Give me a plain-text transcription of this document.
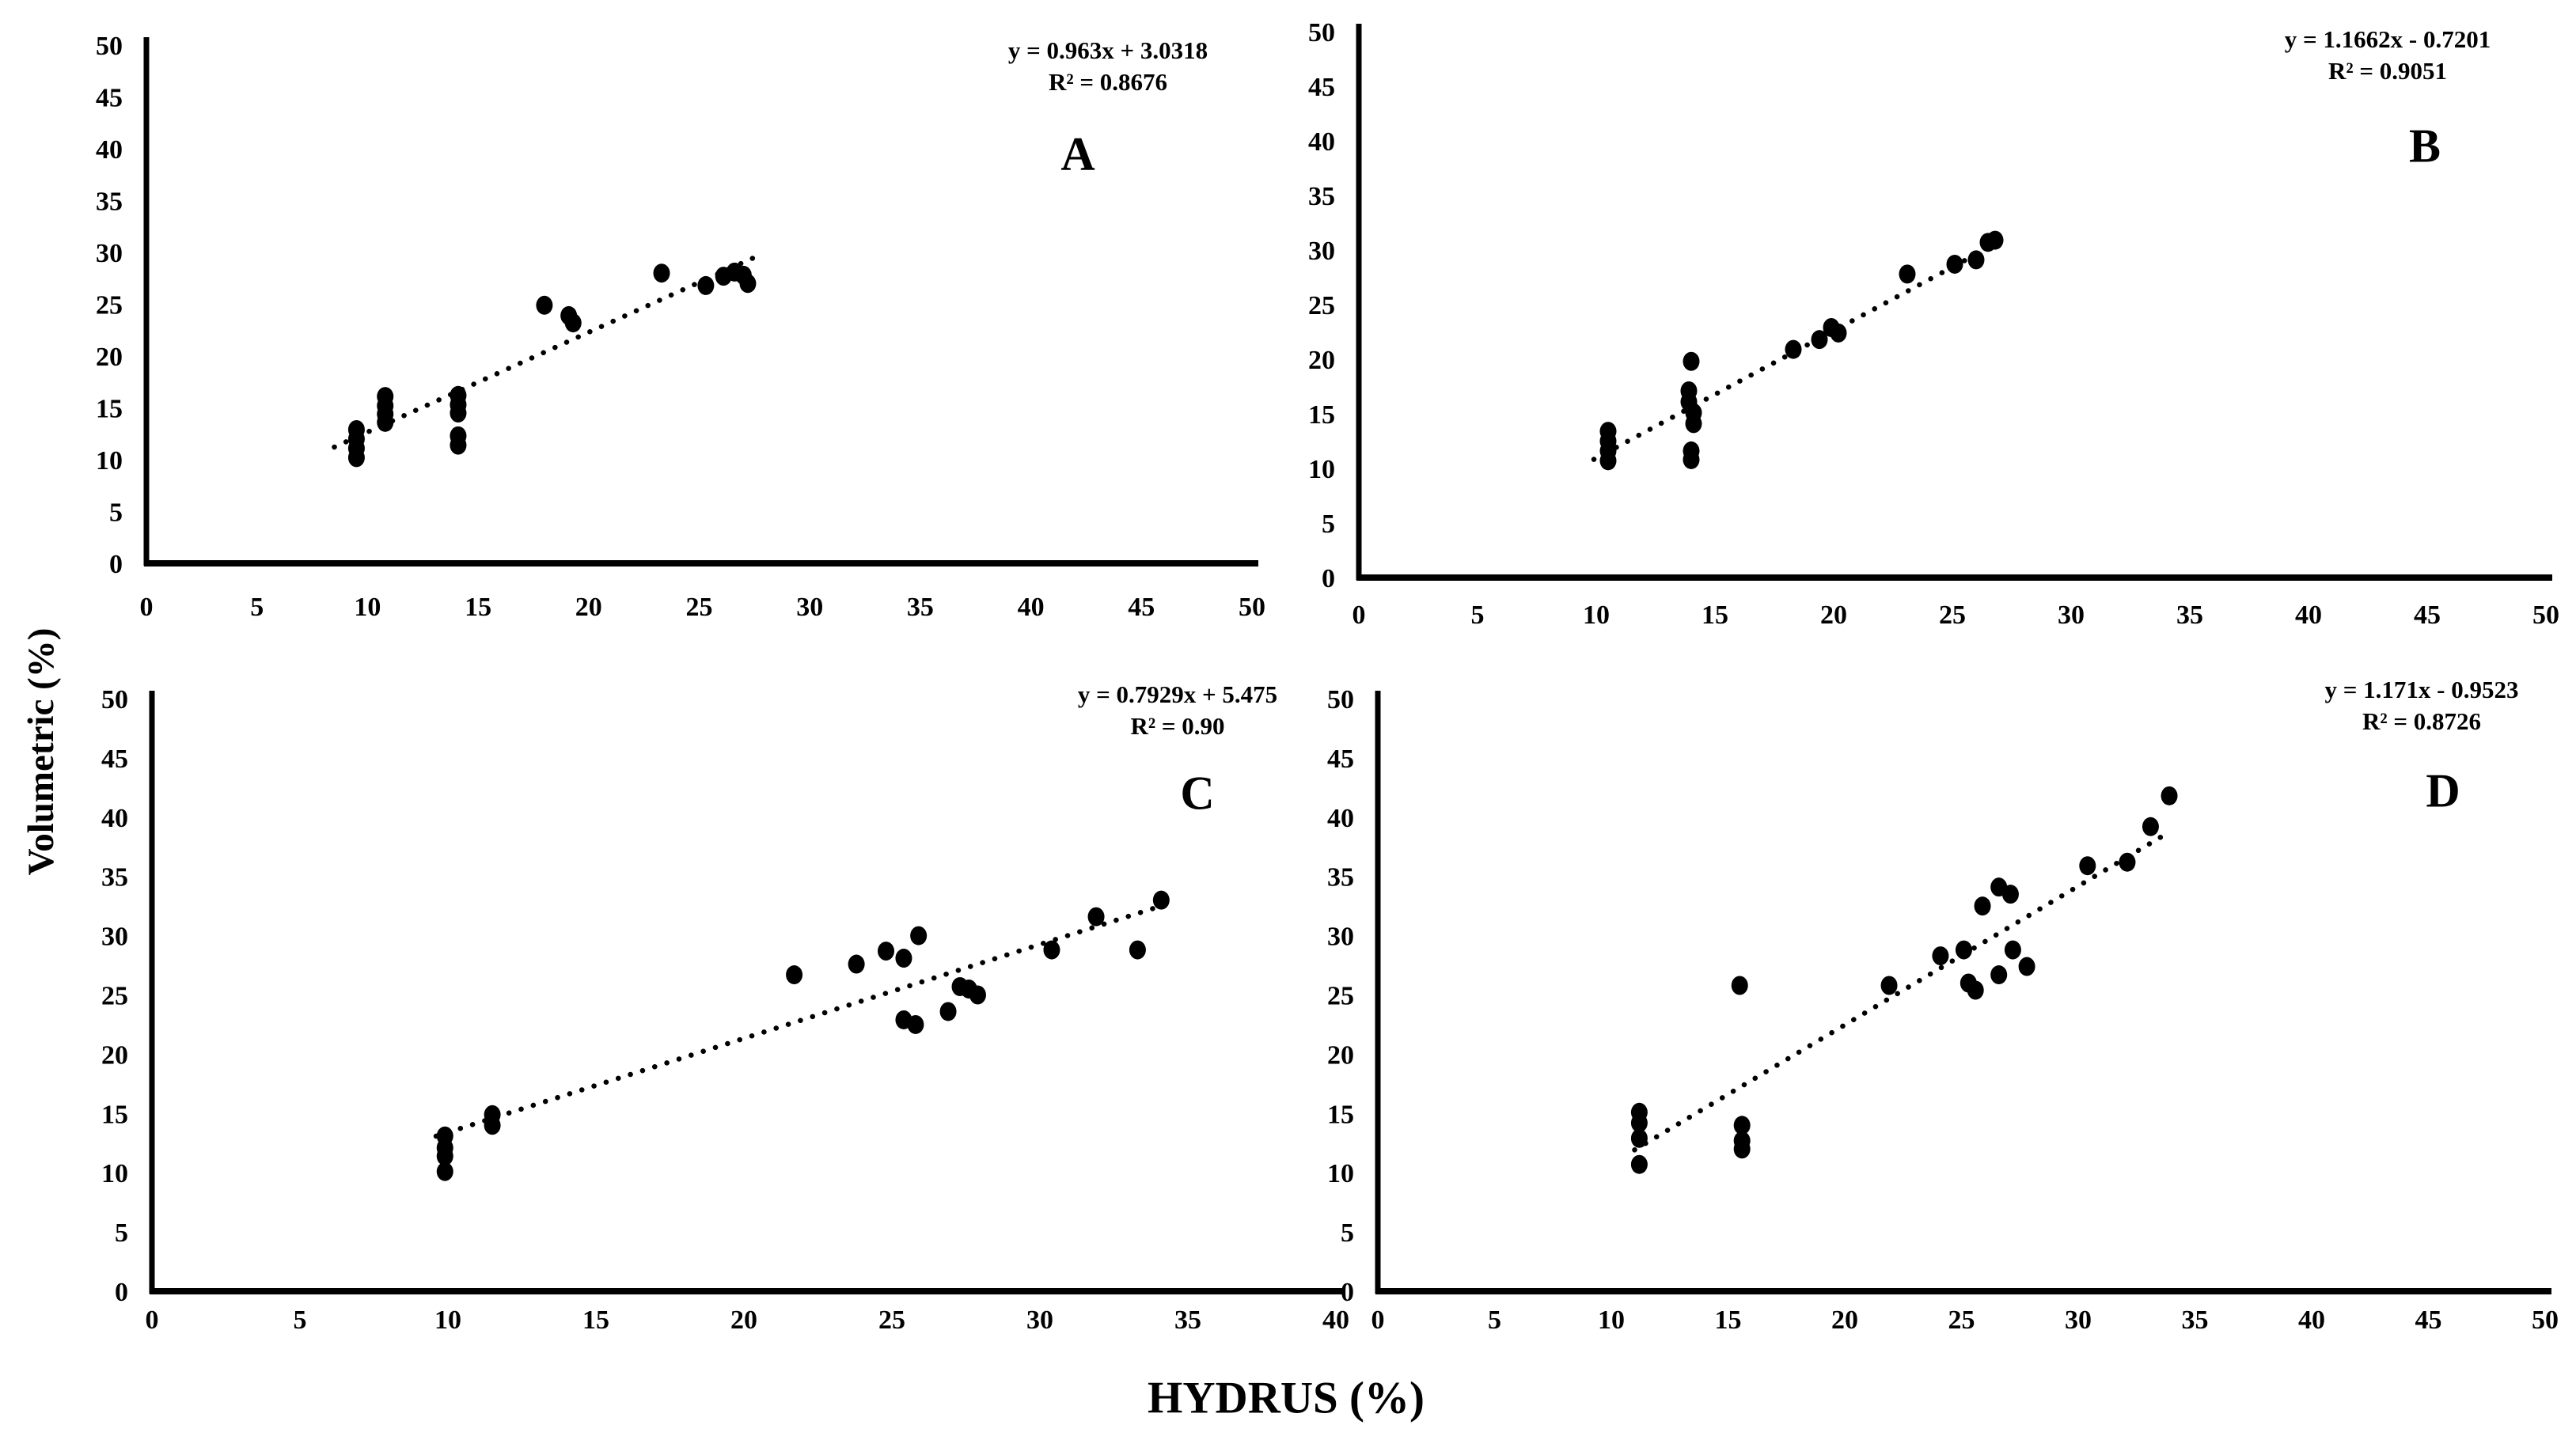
0
5
10
15
20
25
30
35
40
45
50
0	5	10	15	20	25	30	35	40	45	50
0
5
10
15
20
25
30
35
40
45
50
0	5	10	15	20	25	30	35	40	45	50
0
5
10
15
20
25
30
35
40
45
50
0	5	10	15	20	25	30	35	40
0
5
10
15
20
25
30
35
40
45
50
0	5	10	15	20	25	30	35	40	45	50
y = 0.963x + 3.0318
R² = 0.8676
y = 1.1662x - 0.7201
R² = 0.9051
y = 0.7929x + 5.475
R² = 0.90
y = 1.171x - 0.9523
R² = 0.8726
A	B
C	D
Volumetric (%)
HYDRUS (%)
